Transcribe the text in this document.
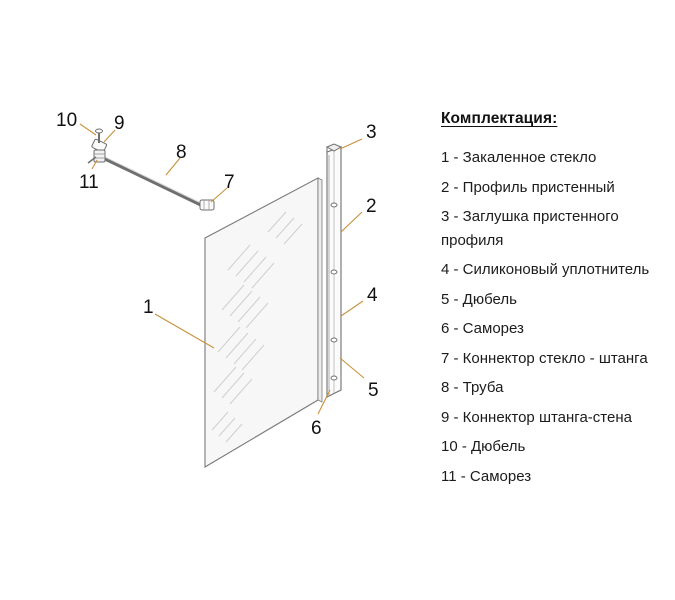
10 9
8
11	7
3
2
4
1
5
6
Комплектация:
1 - Закаленное стекло
2 - Профиль пристенный
3 - Заглушка пристенного профиля
4 - Силиконовый уплотнитель
5 - Дюбель
6 - Саморез
7 - Коннектор стекло - штанга
8 - Труба
9 - Коннектор штанга-стена
10 - Дюбель
11 - Саморез
